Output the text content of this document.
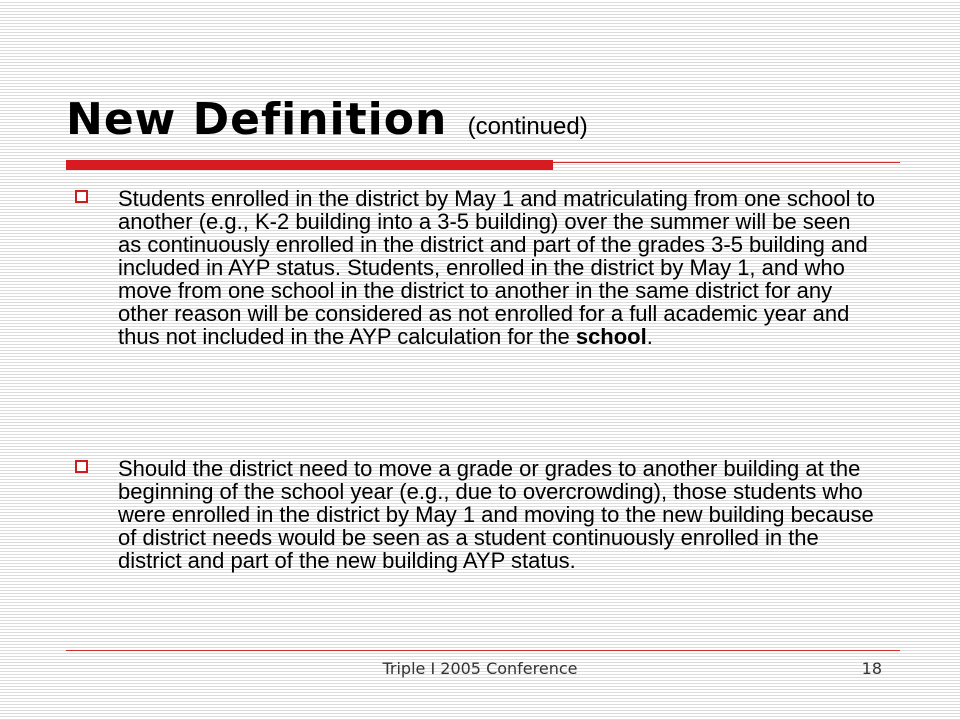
New Definition (continued)

Students enrolled in the district by May 1 and matriculating from one school to another (e.g., K-2 building into a 3-5 building) over the summer will be seen as continuously enrolled in the district and part of the grades 3-5 building and included in AYP status. Students, enrolled in the district by May 1, and who move from one school in the district to another in the same district for any other reason will be considered as not enrolled for a full academic year and thus not included in the AYP calculation for the school.

Should the district need to move a grade or grades to another building at the beginning of the school year (e.g., due to overcrowding), those students who were enrolled in the district by May 1 and moving to the new building because of district needs would be seen as a student continuously enrolled in the district and part of the new building AYP status.

Triple I 2005 Conference	18
